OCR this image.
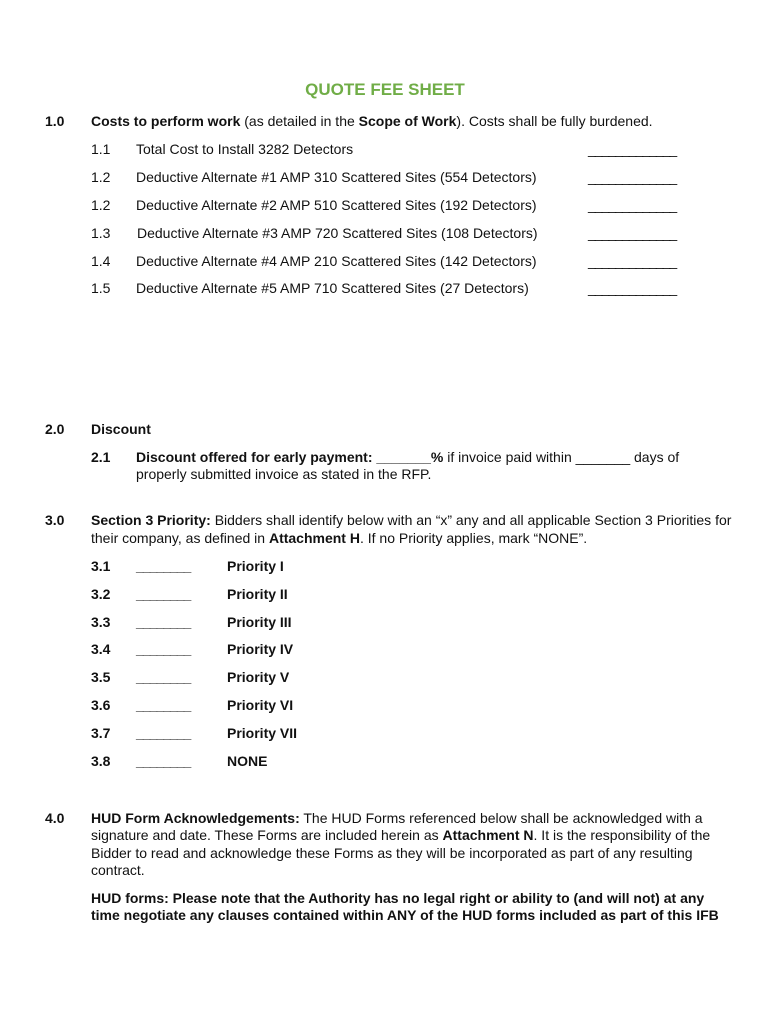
QUOTE FEE SHEET
1.0 Costs to perform work (as detailed in the Scope of Work). Costs shall be fully burdened.
1.1 Total Cost to Install 3282 Detectors	_____________
1.2 Deductive Alternate #1 AMP 310 Scattered Sites (554 Detectors)	_____________
1.2 Deductive Alternate #2 AMP 510 Scattered Sites (192 Detectors)	_____________
1.3 Deductive Alternate #3 AMP 720 Scattered Sites (108 Detectors)	_____________
1.4 Deductive Alternate #4 AMP 210 Scattered Sites (142 Detectors)	_____________
1.5 Deductive Alternate #5 AMP 710 Scattered Sites (27 Detectors)	_____________
2.0 Discount
2.1 Discount offered for early payment: _______% if invoice paid within _______ days of
properly submitted invoice as stated in the RFP.
3.0 Section 3 Priority: Bidders shall identify below with an “x” any and all applicable Section 3 Priorities for
their company, as defined in Attachment H. If no Priority applies, mark “NONE”.
3.1 ________	Priority I
3.2 ________	Priority II
3.3 ________	Priority III
3.4 ________	Priority IV
3.5 ________	Priority V
3.6 ________	Priority VI
3.7 ________	Priority VII
3.8 ________	NONE
4.0 HUD Form Acknowledgements: The HUD Forms referenced below shall be acknowledged with a
signature and date. These Forms are included herein as Attachment N. It is the responsibility of the
Bidder to read and acknowledge these Forms as they will be incorporated as part of any resulting
contract.
HUD forms: Please note that the Authority has no legal right or ability to (and will not) at any
time negotiate any clauses contained within ANY of the HUD forms included as part of this IFB
